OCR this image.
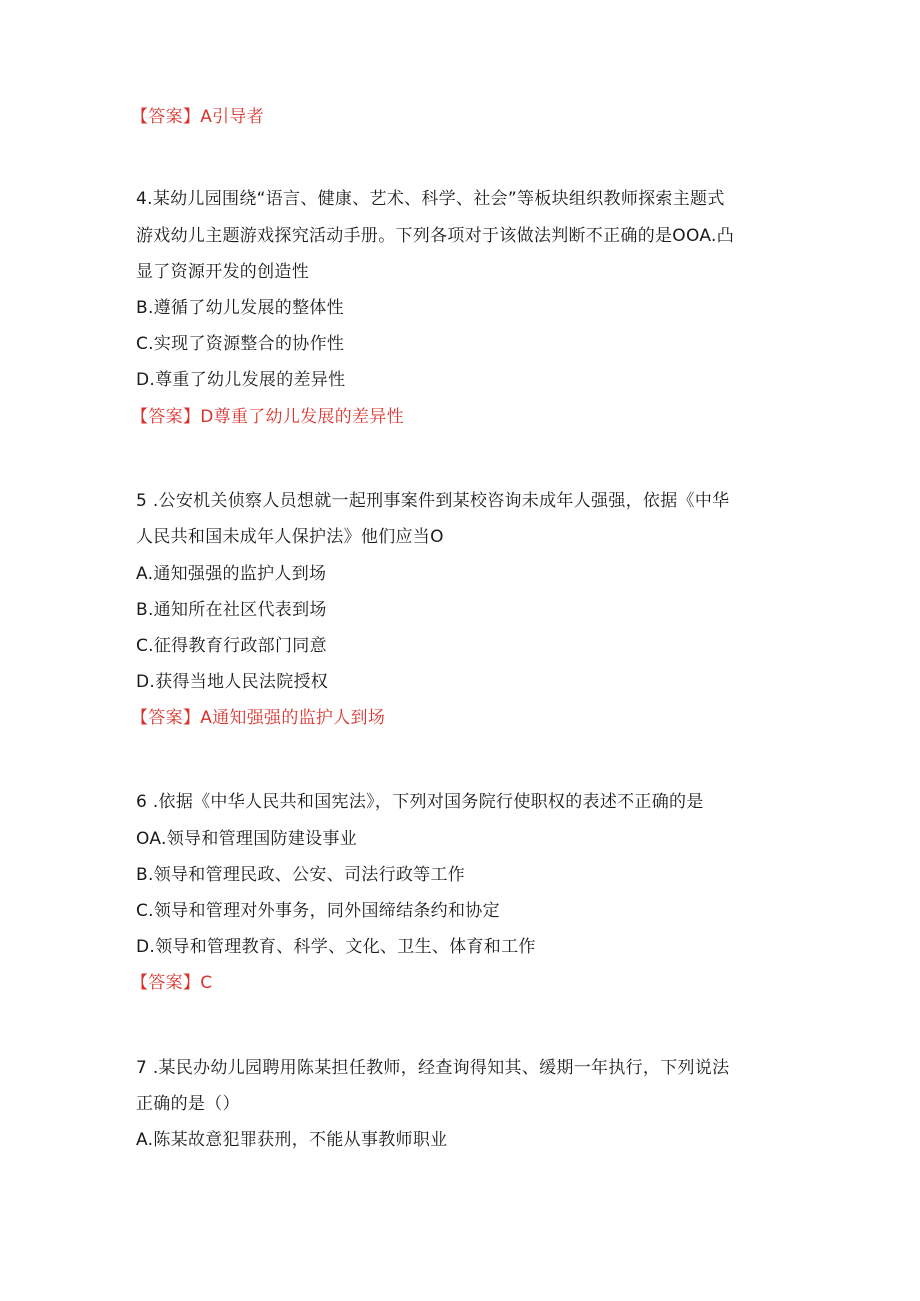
【答案】A引导者
4.某幼儿园围绕“语言、健康、艺术、科学、社会”等板块组织教师探索主题式
游戏幼儿主题游戏探究活动手册。下列各项对于该做法判断不正确的是OOA.凸
显了资源开发的创造性
B.遵循了幼儿发展的整体性
C.实现了资源整合的协作性
D.尊重了幼儿发展的差异性
【答案】D尊重了幼儿发展的差异性
5 .公安机关侦察人员想就一起刑事案件到某校咨询未成年人强强，依据《中华
人民共和国未成年人保护法》他们应当O
A.通知强强的监护人到场
B.通知所在社区代表到场
C.征得教育行政部门同意
D.获得当地人民法院授权
【答案】A通知强强的监护人到场
6 .依据《中华人民共和国宪法》，下列对国务院行使职权的表述不正确的是
OA.领导和管理国防建设事业
B.领导和管理民政、公安、司法行政等工作
C.领导和管理对外事务，同外国缔结条约和协定
D.领导和管理教育、科学、文化、卫生、体育和工作
【答案】C
7 .某民办幼儿园聘用陈某担任教师，经查询得知其、缓期一年执行，下列说法
正确的是（）
A.陈某故意犯罪获刑，不能从事教师职业
